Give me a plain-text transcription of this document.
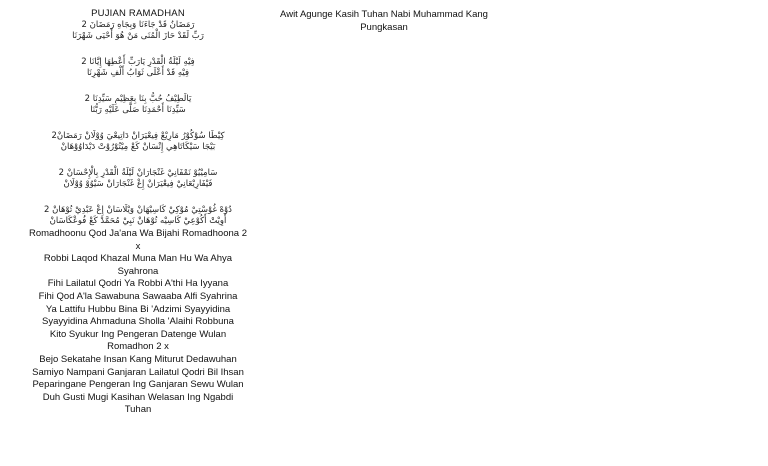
PUJIAN RAMADHAN
رَمَضَانُ قَدْ جَاءَنَا وَبِجَاهِ رَمَضَانَ 2
رَبِّ لَقَدْ حَازَ الْمُنَى مَنْ هُوَ أَحْيَى شَهْرَنَا
فِيْهِ لَيْلَةُ الْقَدْرِ يَارَبِّ أَعْطِهَا إِيَّانَا 2
فِيْهِ قَدْ أَعْلَى ثَوَابُ أَلْفِ شَهْرِنَا
يَالَطِيْفُ حُبُّ بِنَا بِعَظِيْمِ سَيِّدِنَا 2
سَيِّدِنَا أَحْمَدِنَا صَلَّى عَلَيْهِ رَبُّنَا
كِيْطَا سُوْكُوْرُ مَارِيْعْ فِيعْيَرَانْ دَاتِيعْيَ وُوْلَانْ رَمَضَانْ2
بَيْجَا سَيْكَاتَاهِي إِنْسَانْ كَعْ مِيْتُوْرُوْتْ دَيْدَاوُوْهَانْ
سَامِيْيُوْ نَمْفَانِيْ غَنْجَارَانْ لَيْلَةُ الْقَدْرِ بِالْإِحْسَانْ 2
فَيْفَارِيْعَانِيْ فِيعْيَرَانْ إِعْ غَنْجَارَانْ سَيْوُوْ وُوْلَانْ
دُوْهْ غُوْسْتِيْ مُوْكِيْ كَاسِيْهَانْ وَيْلَاسَانْ إِعْ عَبْدِيْ تُوْهَانْ 2
أَوِيْتْ أَكُوْعِيْ كَاسِيْه تُوْهَانْ نَبِيْ مُحَمَّدْ كَعْ فُوعْكَاسَانْ
Romadhoonu Qod Ja'ana Wa Bijahi Romadhoona 2
x
Robbi Laqod Khazal Muna Man Hu Wa Ahya
Syahrona
Fihi Lailatul Qodri Ya Robbi A'thi Ha Iyyana
Fihi Qod A'la Sawabuna Sawaaba Alfi Syahrina
Ya Lattifu Hubbu Bina Bi 'Adzimi Syayyidina
Syayyidina Ahmaduna Sholla 'Alaihi Robbuna
Kito Syukur Ing Pengeran Datenge Wulan
Romadhon 2 x
Bejo Sekatahe Insan Kang Miturut Dedawuhan
Samiyo Nampani Ganjaran Lailatul Qodri Bil Ihsan
Peparingane Pengeran Ing Ganjaran Sewu Wulan
Duh Gusti Mugi Kasihan Welasan Ing Ngabdi
Tuhan
Awit Agunge Kasih Tuhan Nabi Muhammad Kang
Pungkasan
